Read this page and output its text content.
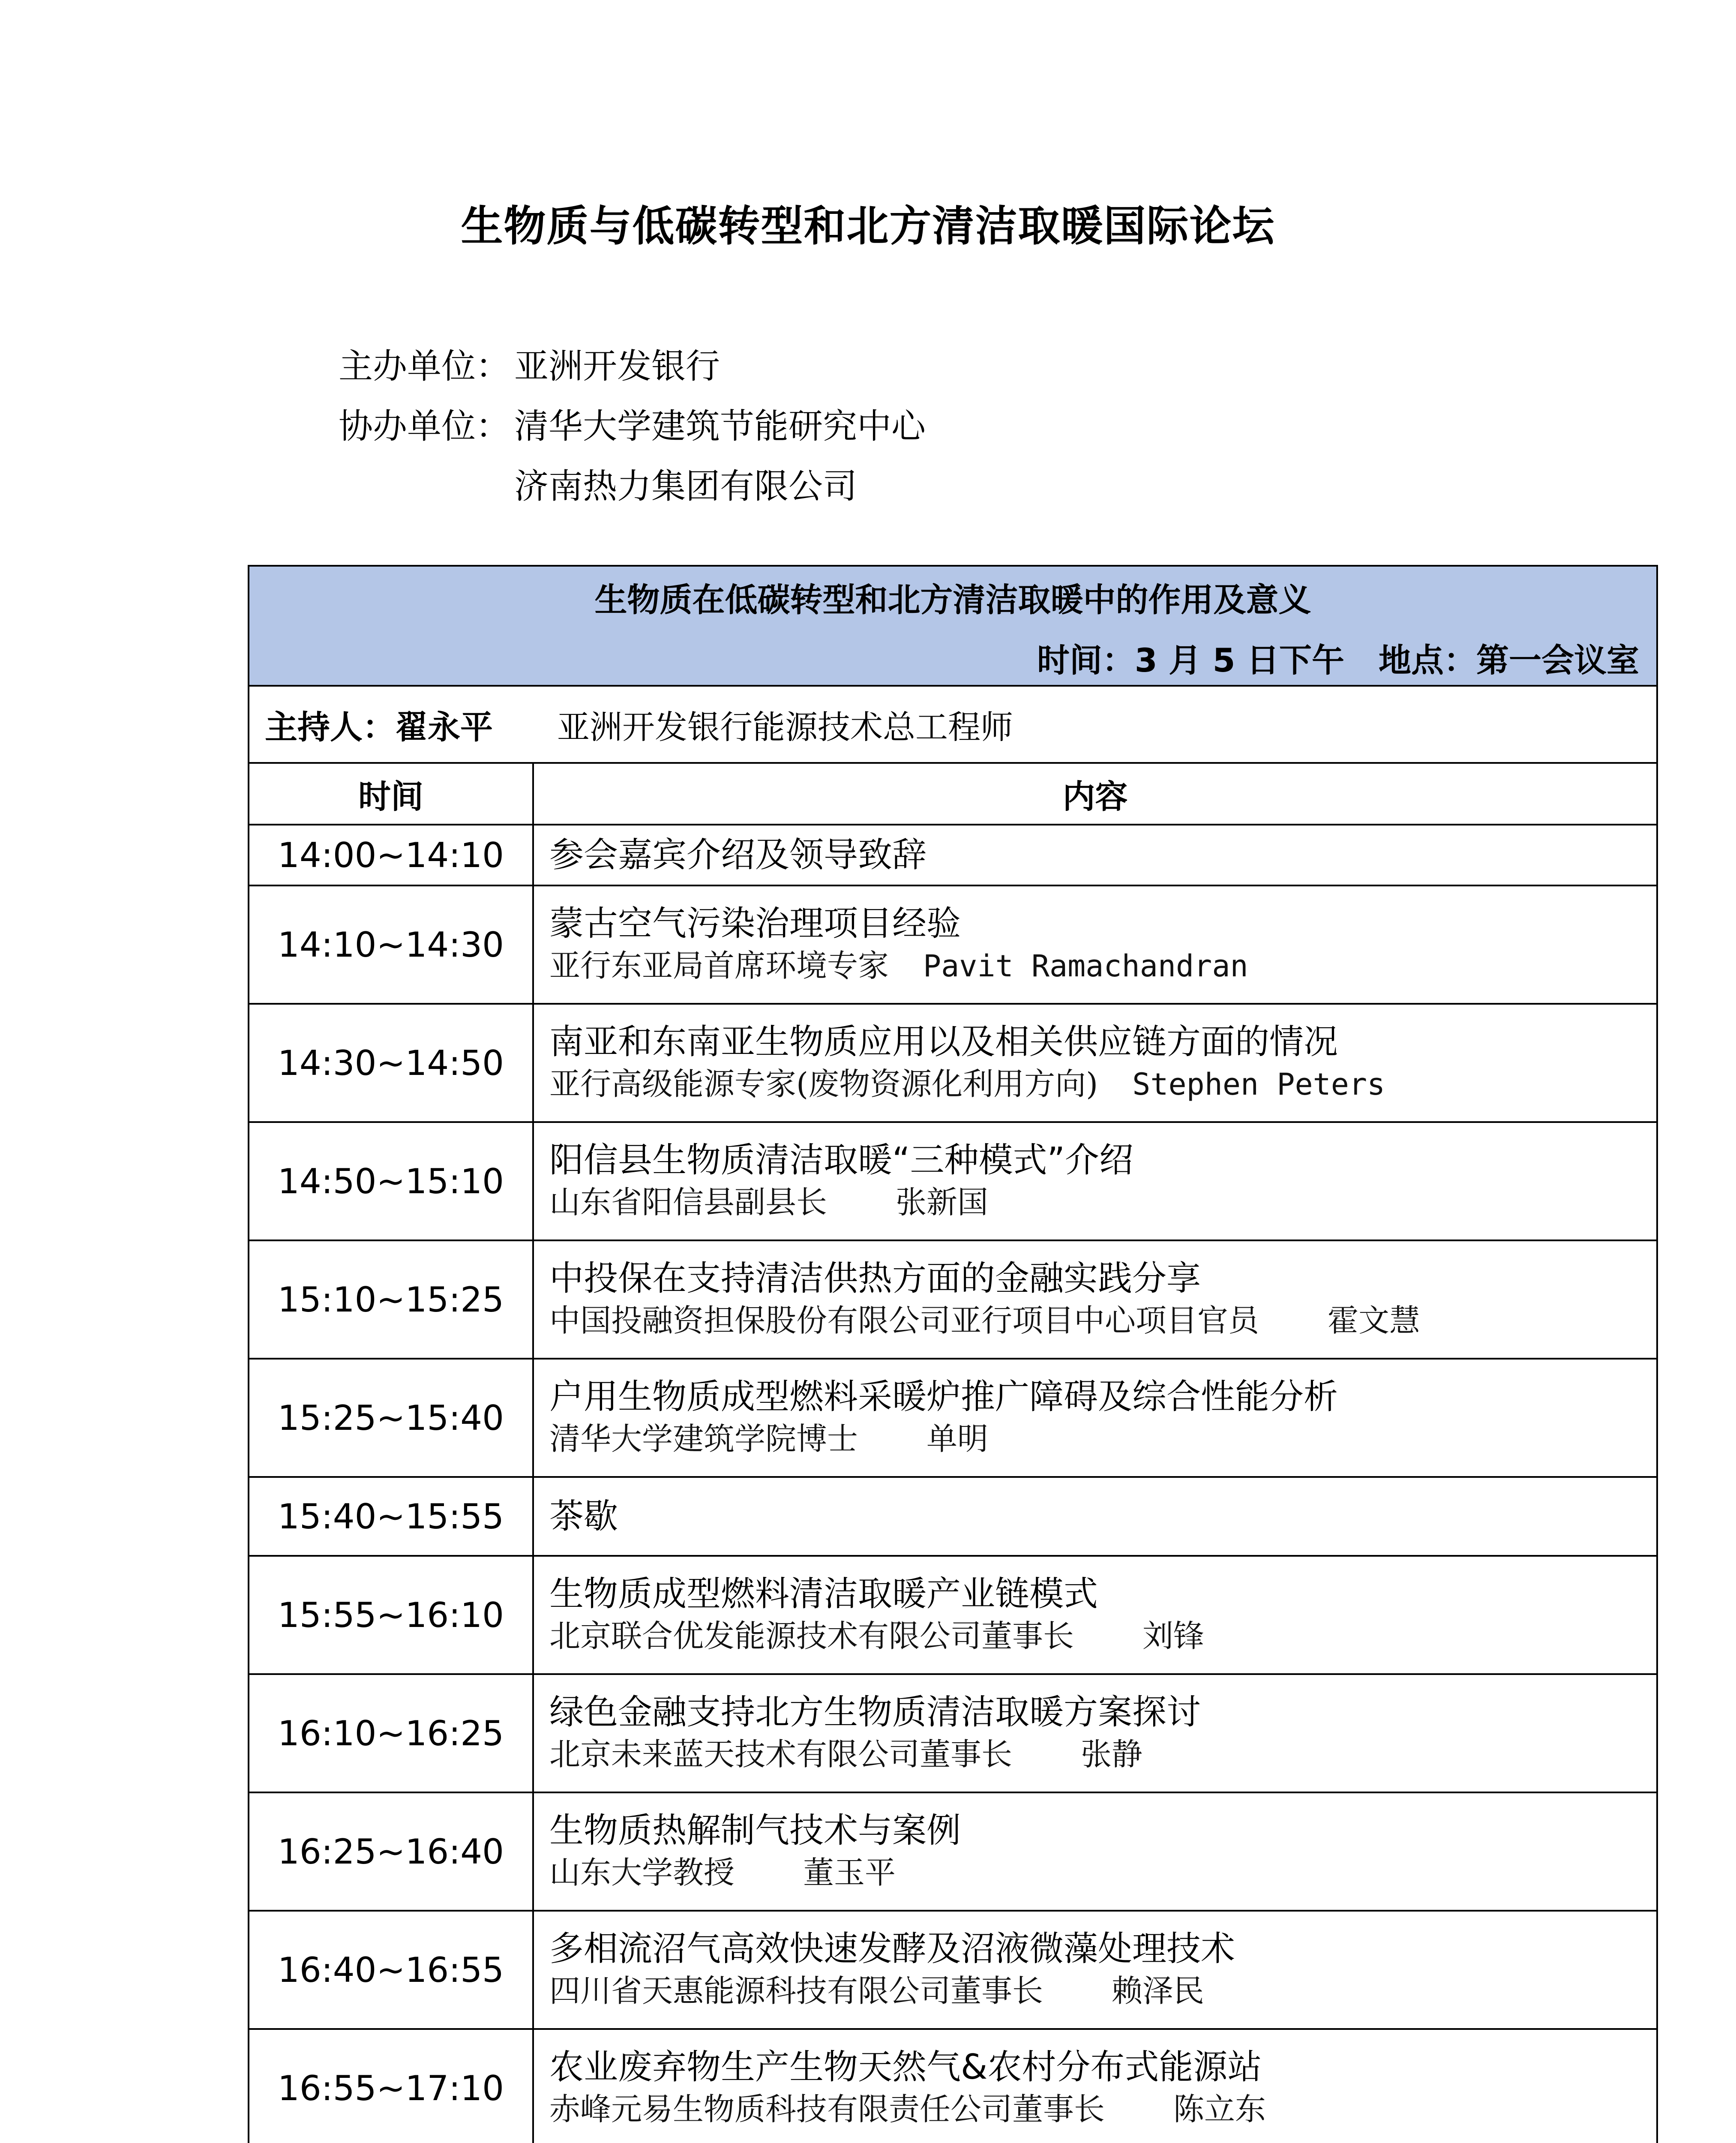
生物质与低碳转型和北方清洁取暖国际论坛
主办单位： 亚洲开发银行
协办单位： 清华大学建筑节能研究中心
济南热力集团有限公司
生物质在低碳转型和北方清洁取暖中的作用及意义
时间：3 月 5 日下午 地点：第一会议室	

主持人：翟永平 亚洲开发银行能源技术总工程师	
时间	内容
14:00~14:10	参会嘉宾介绍及领导致辞

14:10~14:30	蒙古空气污染治理项目经验
亚行东亚局首席环境专家 Pavit Ramachandran

14:30~14:50	南亚和东南亚生物质应用以及相关供应链方面的情况
亚行高级能源专家(废物资源化利用方向) Stephen Peters

14:50~15:10	阳信县生物质清洁取暖“三种模式”介绍
山东省阳信县副县长 张新国

15:10~15:25	中投保在支持清洁供热方面的金融实践分享
中国投融资担保股份有限公司亚行项目中心项目官员 霍文慧

15:25~15:40	户用生物质成型燃料采暖炉推广障碍及综合性能分析
清华大学建筑学院博士 单明

15:40~15:55	茶歇

15:55~16:10	生物质成型燃料清洁取暖产业链模式
北京联合优发能源技术有限公司董事长 刘锋

16:10~16:25	绿色金融支持北方生物质清洁取暖方案探讨
北京未来蓝天技术有限公司董事长 张静

16:25~16:40	生物质热解制气技术与案例
山东大学教授 董玉平

16:40~16:55	多相流沼气高效快速发酵及沼液微藻处理技术
四川省天惠能源科技有限公司董事长 赖泽民

16:55~17:10	农业废弃物生产生物天然气&农村分布式能源站
赤峰元易生物质科技有限责任公司董事长 陈立东
